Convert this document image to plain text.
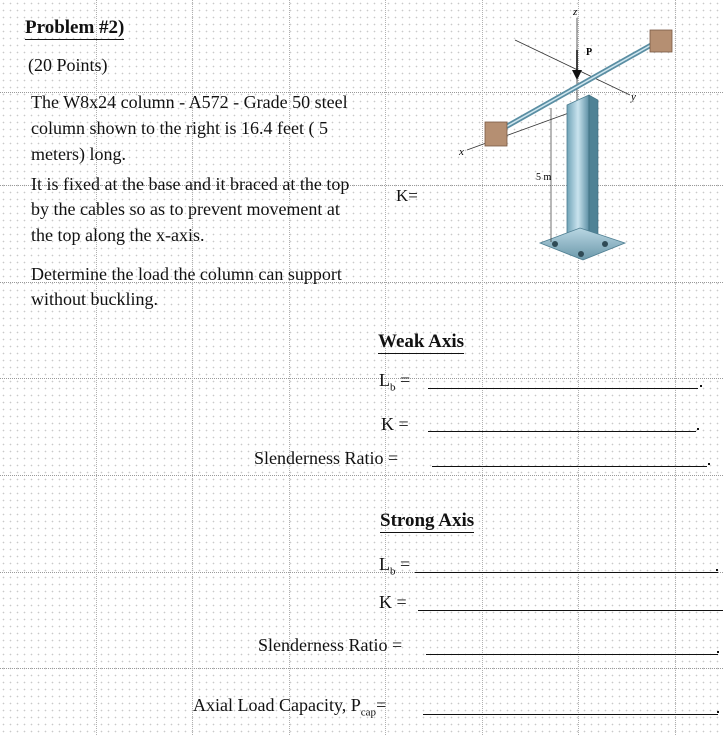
Problem #2)
(20 Points)
The W8x24 column - A572 - Grade 50 steel
column shown to the right is 16.4 feet ( 5
meters) long.
It is fixed at the base and it braced at the top
by the cables so as to prevent movement at
the top along the x-axis.
K=
Determine the load the column can support
without buckling.
z
y
x
P
5 m
Weak Axis
$L_b$ =
K =
Slenderness Ratio =
Strong Axis
$L_b$ =
K =
Slenderness Ratio =
Axial Load Capacity, $P_{cap}=$
